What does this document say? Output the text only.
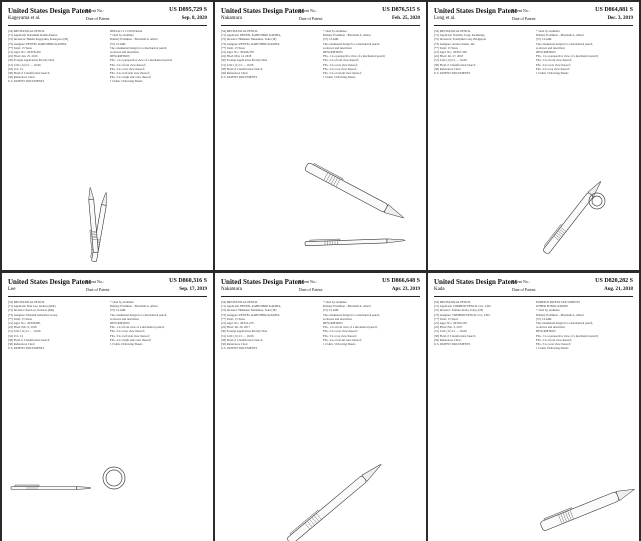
United States Design Patent
Kageyama et al.
Patent No.:
Date of Patent:
US D895,729 S
Sep. 8, 2020
(54) MECHANICAL PENCIL
(71) Applicant: Kabushiki Kaisha Pentel,
(72) Inventors: Hideki Kageyama, Kanagawa (JP)
(73) Assignee: PENTEL KABUSHIKI KAISHA
(**) Term: 15 Years
(21) Appl. No.: 29/678,450
(22) Filed: Jan. 25, 2019
(30) Foreign Application Priority Data
(51) LOC (12) Cl. ... 19-06
(52) U.S. Cl.
(58) Field of Classification Search
(56) References Cited
U.S. PATENT DOCUMENTS
D834,411 S 11/2018 Ikeda
* cited by examiner
Primary Examiner - Elizabeth A. Albert
(57) CLAIM
The ornamental design for a mechanical pencil,
as shown and described.
DESCRIPTION
FIG. 1 is a perspective view of a mechanical pencil;
FIG. 2 is a front view thereof;
FIG. 3 is a rear view thereof;
FIG. 4 is a left side view thereof;
FIG. 5 is a right side view thereof;
1 Claim, 5 Drawing Sheets
United States Design Patent
Nakamura
Patent No.:
Date of Patent:
US D876,515 S
Feb. 25, 2020
(54) MECHANICAL PENCIL
(71) Applicant: PENTEL KABUSHIKI KAISHA,
(72) Inventor: Hidekazu Nakamura, Soka (JP)
(73) Assignee: PENTEL KABUSHIKI KAISHA
(**) Term: 15 Years
(21) Appl. No.: 29/646,378
(22) Filed: May 14, 2018
(30) Foreign Application Priority Data
(51) LOC (11) Cl. ... 19-06
(58) Field of Classification Search
(56) References Cited
U.S. PATENT DOCUMENTS
* cited by examiner
Primary Examiner - Elizabeth A. Albert
(57) CLAIM
The ornamental design for a mechanical pencil,
as shown and described.
DESCRIPTION
FIG. 1 is a perspective view of a mechanical pencil;
FIG. 2 is a front view thereof;
FIG. 3 is a rear view thereof;
FIG. 4 is a top view thereof;
FIG. 5 is a bottom view thereof;
1 Claim, 5 Drawing Sheets
United States Design Patent
Long et al.
Patent No.:
Date of Patent:
US D864,881 S
Dec. 3, 2019
(54) MECHANICAL PENCIL
(71) Applicant: Nobility Long, Kaohsiung
(72) Inventors: Yoshiyuki Long, Bridgeport
(73) Assignee: Avalon Studio, Inc.
(**) Term: 15 Years
(21) Appl. No.: 29/657,349
(22) Filed: Jul. 27, 2018
(51) LOC (12) Cl. ... 19-06
(58) Field of Classification Search
(56) References Cited
U.S. PATENT DOCUMENTS
* cited by examiner
Primary Examiner - Elizabeth A. Albert
(57) CLAIM
The ornamental design for a mechanical pencil,
as shown and described.
DESCRIPTION
FIG. 1 is a perspective view of a mechanical pencil;
FIG. 2 is a front view thereof;
FIG. 3 is a rear view thereof;
FIG. 4 is a top view thereof;
1 Claim, 5 Drawing Sheets
United States Design Patent
Lee
Patent No.:
Date of Patent:
US D860,316 S
Sep. 17, 2019
(54) MECHANICAL PENCIL
(71) Applicant: Kun Lee, Incheon (KR)
(72) Inventor: Kun Lee, Incheon (KR)
(73) Assignee: Monami Industries Group
(**) Term: 15 Years
(21) Appl. No.: 29/636,861
(22) Filed: Feb. 9, 2018
(51) LOC (11) Cl. ... 19-06
(52) U.S. Cl.
(58) Field of Classification Search
(56) References Cited
U.S. PATENT DOCUMENTS
* cited by examiner
Primary Examiner - Elizabeth A. Albert
(57) CLAIM
The ornamental design for a mechanical pencil,
as shown and described.
DESCRIPTION
FIG. 1 is a front view of a mechanical pencil;
FIG. 2 is a rear view thereof;
FIG. 3 is a left side view thereof;
FIG. 4 is a right side view thereof;
1 Claim, 6 Drawing Sheets
United States Design Patent
Nakamura
Patent No.:
Date of Patent:
US D866,648 S
Apr. 23, 2019
(54) MECHANICAL PENCIL
(71) Applicant: PENTEL KABUSHIKI KAISHA,
(72) Inventor: Hidekazu Nakamura, Soka (JP)
(73) Assignee: PENTEL KABUSHIKI KAISHA
(**) Term: 15 Years
(21) Appl. No.: 29/611,270
(22) Filed: Jul. 26, 2017
(30) Foreign Application Priority Data
(51) LOC (11) Cl. ... 19-06
(58) Field of Classification Search
(56) References Cited
U.S. PATENT DOCUMENTS
* cited by examiner
Primary Examiner - Elizabeth A. Albert
(57) CLAIM
The ornamental design for a mechanical pencil,
as shown and described.
DESCRIPTION
FIG. 1 is a front view of a mechanical pencil;
FIG. 2 is a rear view thereof;
FIG. 3 is a top view thereof;
FIG. 4 is a bottom view thereof;
1 Claim, 5 Drawing Sheets
United States Design Patent
Kada
Patent No.:
Date of Patent:
US D820,282 S
Aug. 21, 2018
(54) MECHANICAL PENCIL
(71) Applicant: TOMBOW PENCIL CO., LTD.
(72) Inventor: Tomoko Kada, Tokyo (JP)
(73) Assignee: TOMBOW PENCIL CO., LTD.
(**) Term: 15 Years
(21) Appl. No.: 29/593,108
(22) Filed: Feb. 3, 2017
(51) LOC (11) Cl. ... 19-06
(58) Field of Classification Search
(56) References Cited
U.S. PATENT DOCUMENTS
FOREIGN PATENT DOCUMENTS
OTHER PUBLICATIONS
* cited by examiner
Primary Examiner - Elizabeth A. Albert
(57) CLAIM
The ornamental design for a mechanical pencil,
as shown and described.
DESCRIPTION
FIG. 1 is a perspective view of a mechanical pencil;
FIG. 2 is a front view thereof;
FIG. 3 is a rear view thereof;
1 Claim, 8 Drawing Sheets
